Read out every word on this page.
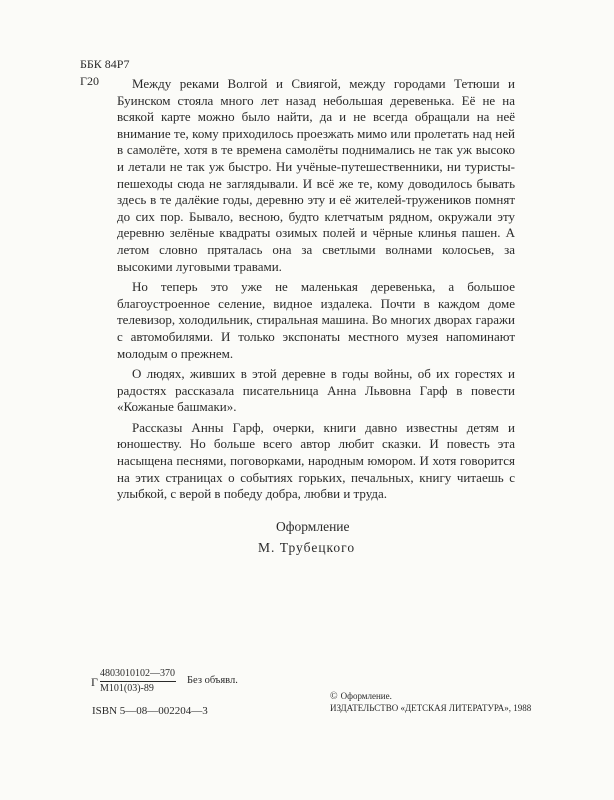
ББК 84Р7
Г20	Между реками Волгой и Свиягой, между городами Тетюши и Буинском стояла много лет назад небольшая деревенька. Её не на всякой карте можно было найти, да и не всегда обращали на неё внимание те, кому приходилось проезжать мимо или пролетать над ней в самолёте, хотя в те времена самолёты поднимались не так уж высоко и летали не так уж быстро. Ни учёные-путешественники, ни туристы-пешеходы сюда не заглядывали. И всё же те, кому доводилось бывать здесь в те далёкие годы, деревню эту и её жителей-тружеников помнят до сих пор. Бывало, весною, будто клетчатым рядном, окружали эту деревню зелёные квадраты озимых полей и чёрные клинья пашен. А летом словно пряталась она за светлыми волнами колосьев, за высокими луговыми травами.

Но теперь это уже не маленькая деревенька, а большое благоустроенное селение, видное издалека. Почти в каждом доме телевизор, холодильник, стиральная машина. Во многих дворах гаражи с автомобилями. И только экспонаты местного музея напоминают молодым о прежнем.

О людях, живших в этой деревне в годы войны, об их горестях и радостях рассказала писательница Анна Львовна Гарф в повести «Кожаные башмаки».

Рассказы Анны Гарф, очерки, книги давно известны детям и юношеству. Но больше всего автор любит сказки. И повесть эта насыщена песнями, поговорками, народным юмором. И хотя говорится на этих страницах о событиях горьких, печальных, книгу читаешь с улыбкой, с верой в победу добра, любви и труда.

Оформление
М. Трубецкого
Г
4803010102—370
М101(03)-89
Без объявл.
ISBN 5—08—002204—3
© Оформление.
ИЗДАТЕЛЬСТВО «ДЕТСКАЯ ЛИТЕРАТУРА», 1988
